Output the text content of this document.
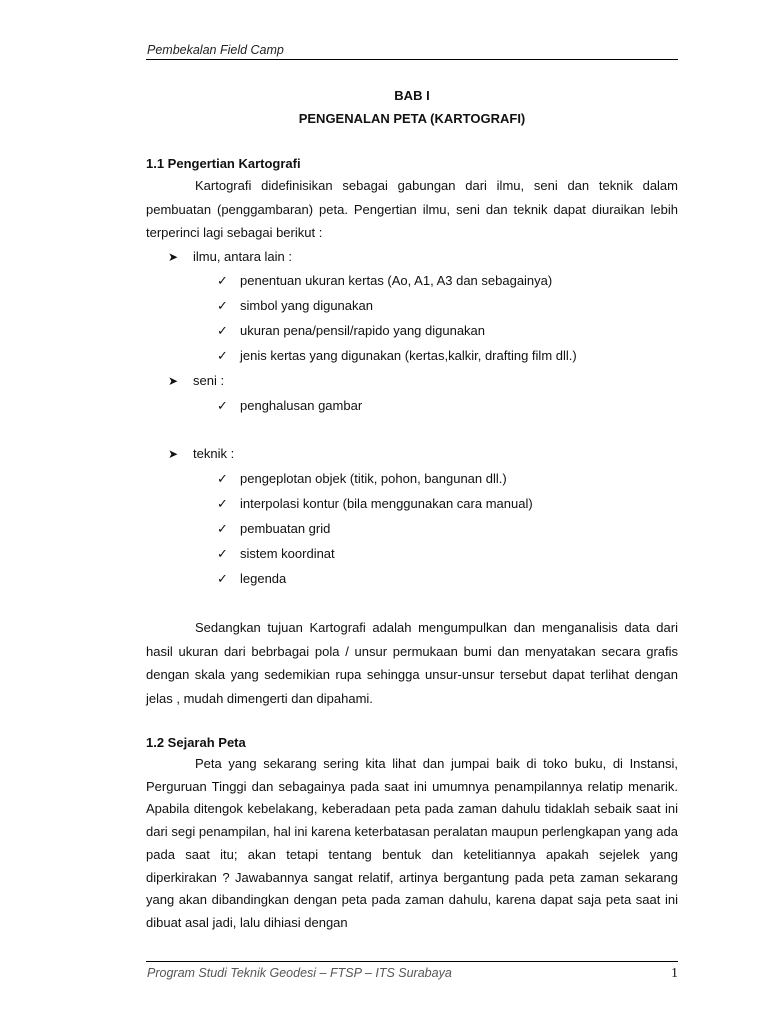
Pembekalan Field Camp
BAB I
PENGENALAN PETA (KARTOGRAFI)
1.1 Pengertian Kartografi

Kartografi didefinisikan sebagai gabungan dari ilmu, seni dan teknik dalam pembuatan (penggambaran) peta. Pengertian ilmu, seni dan teknik dapat diuraikan lebih terperinci lagi sebagai berikut :

➤ ilmu, antara lain :
✓ penentuan ukuran kertas (Ao, A1, A3 dan sebagainya)
✓ simbol yang digunakan
✓ ukuran pena/pensil/rapido yang digunakan
✓ jenis kertas yang digunakan (kertas,kalkir, drafting film dll.)
➤ seni :
✓ penghalusan gambar
➤ teknik :
✓ pengeplotan objek (titik, pohon, bangunan dll.)
✓ interpolasi kontur (bila menggunakan cara manual)
✓ pembuatan grid
✓ sistem koordinat
✓ legenda

Sedangkan tujuan Kartografi adalah mengumpulkan dan menganalisis data dari hasil ukuran dari bebrbagai pola / unsur permukaan bumi dan menyatakan secara grafis dengan skala yang sedemikian rupa sehingga unsur-unsur tersebut dapat terlihat dengan jelas , mudah dimengerti dan dipahami.

1.2 Sejarah Peta

Peta yang sekarang sering kita lihat dan jumpai baik di toko buku, di Instansi, Perguruan Tinggi dan sebagainya pada saat ini umumnya penampilannya relatip menarik. Apabila ditengok kebelakang, keberadaan peta pada zaman dahulu tidaklah sebaik saat ini dari segi penampilan, hal ini karena keterbatasan peralatan maupun perlengkapan yang ada pada saat itu; akan tetapi tentang bentuk dan ketelitiannya apakah sejelek yang diperkirakan ? Jawabannya sangat relatif, artinya bergantung pada peta zaman sekarang yang akan dibandingkan dengan peta pada zaman dahulu, karena dapat saja peta saat ini dibuat asal jadi, lalu dihiasi dengan

Program Studi Teknik Geodesi – FTSP – ITS Surabaya	1
